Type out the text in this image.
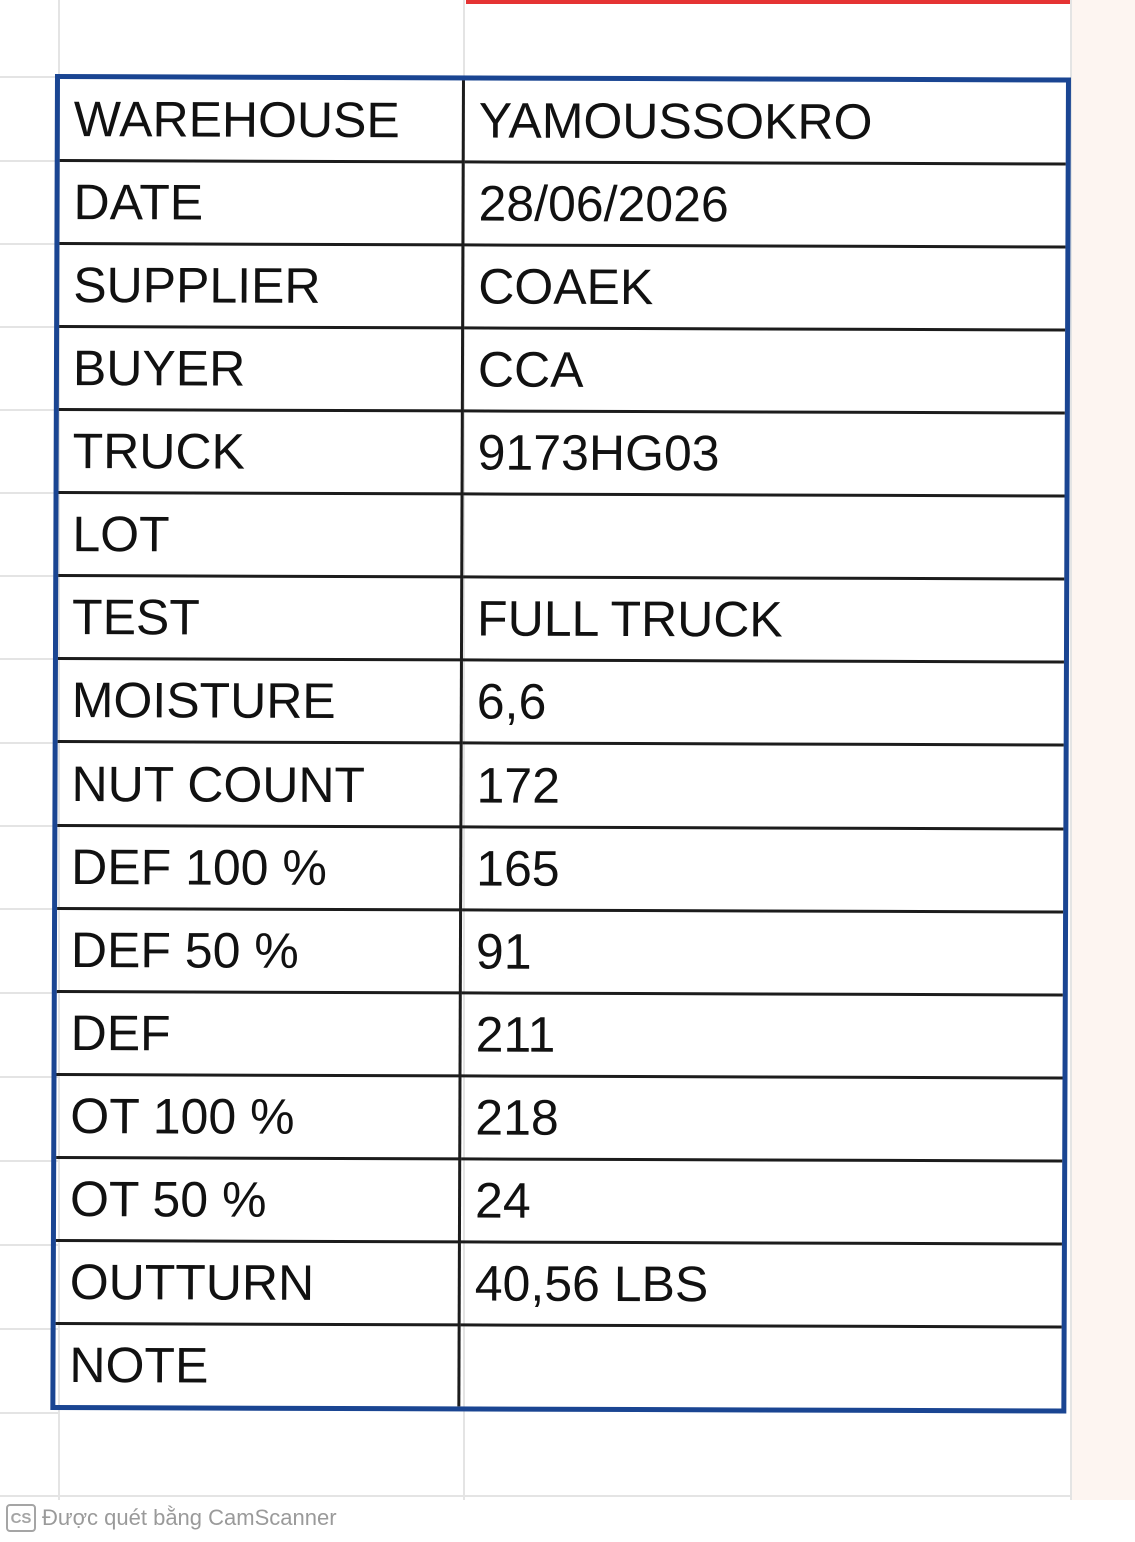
WAREHOUSE	YAMOUSSOKRO
DATE	28/06/2026
SUPPLIER	COAEK
BUYER	CCA
TRUCK	9173HG03
LOT	
TEST	FULL TRUCK
MOISTURE	6,6
NUT COUNT	172
DEF 100 %	165
DEF 50 %	91
DEF	211
OT 100 %	218
OT 50 %	24
OUTTURN	40,56 LBS
NOTE	
CS Được quét bằng CamScanner
